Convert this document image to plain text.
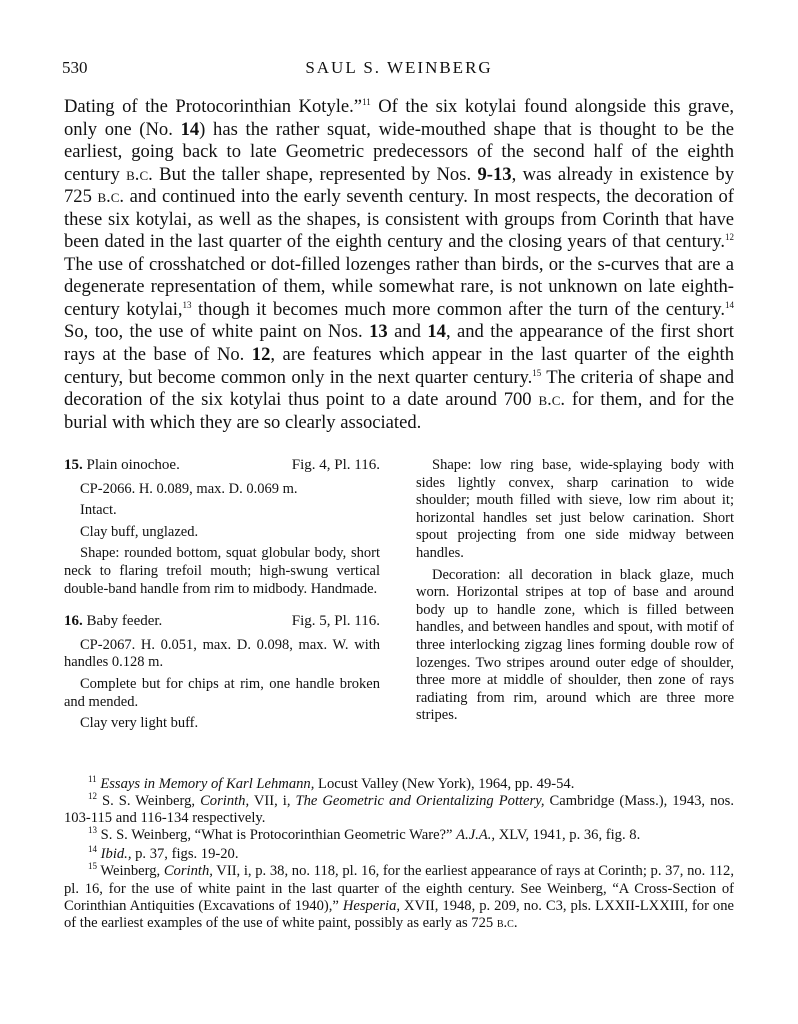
530	SAUL S. WEINBERG

Dating of the Protocorinthian Kotyle.”$^{11}$ Of the six kotylai found alongside this grave, only one (No. 14) has the rather squat, wide-mouthed shape that is thought to be the earliest, going back to late Geometric predecessors of the second half of the eighth century b.c. But the taller shape, represented by Nos. 9-13, was already in existence by 725 b.c. and continued into the early seventh century. In most respects, the decoration of these six kotylai, as well as the shapes, is consistent with groups from Corinth that have been dated in the last quarter of the eighth century and the closing years of that century.$^{12}$ The use of crosshatched or dot-filled lozenges rather than birds, or the s-curves that are a degenerate representation of them, while somewhat rare, is not unknown on late eighth-century kotylai,$^{13}$ though it becomes much more common after the turn of the century.$^{14}$ So, too, the use of white paint on Nos. 13 and 14, and the appearance of the first short rays at the base of No. 12, are features which appear in the last quarter of the eighth century, but become common only in the next quarter century.$^{15}$ The criteria of shape and decoration of the six kotylai thus point to a date around 700 b.c. for them, and for the burial with which they are so clearly associated.

15. Plain oinochoe.	Fig. 4, Pl. 116.

CP-2066. H. 0.089, max. D. 0.069 m.

Intact.

Clay buff, unglazed.

Shape: rounded bottom, squat globular body, short neck to flaring trefoil mouth; high-swung vertical double-band handle from rim to midbody. Handmade.

16. Baby feeder.	Fig. 5, Pl. 116.

CP-2067. H. 0.051, max. D. 0.098, max. W. with handles 0.128 m.

Complete but for chips at rim, one handle broken and mended.

Clay very light buff.

Shape: low ring base, wide-splaying body with sides lightly convex, sharp carination to wide shoulder; mouth filled with sieve, low rim about it; horizontal handles set just below carination. Short spout projecting from one side midway between handles.

Decoration: all decoration in black glaze, much worn. Horizontal stripes at top of base and around body up to handle zone, which is filled between handles, and between handles and spout, with motif of three interlocking zigzag lines forming double row of lozenges. Two stripes around outer edge of shoulder, three more at middle of shoulder, then zone of rays radiating from rim, around which are three more stripes.

$^{11}$ Essays in Memory of Karl Lehmann, Locust Valley (New York), 1964, pp. 49-54.

$^{12}$ S. S. Weinberg, Corinth, VII, i, The Geometric and Orientalizing Pottery, Cambridge (Mass.), 1943, nos. 103-115 and 116-134 respectively.

$^{13}$ S. S. Weinberg, “What is Protocorinthian Geometric Ware?” A.J.A., XLV, 1941, p. 36, fig. 8.

$^{14}$ Ibid., p. 37, figs. 19-20.

$^{15}$ Weinberg, Corinth, VII, i, p. 38, no. 118, pl. 16, for the earliest appearance of rays at Corinth; p. 37, no. 112, pl. 16, for the use of white paint in the last quarter of the eighth century. See Weinberg, “A Cross-Section of Corinthian Antiquities (Excavations of 1940),” Hesperia, XVII, 1948, p. 209, no. C3, pls. LXXII-LXXIII, for one of the earliest examples of the use of white paint, possibly as early as 725 b.c.
